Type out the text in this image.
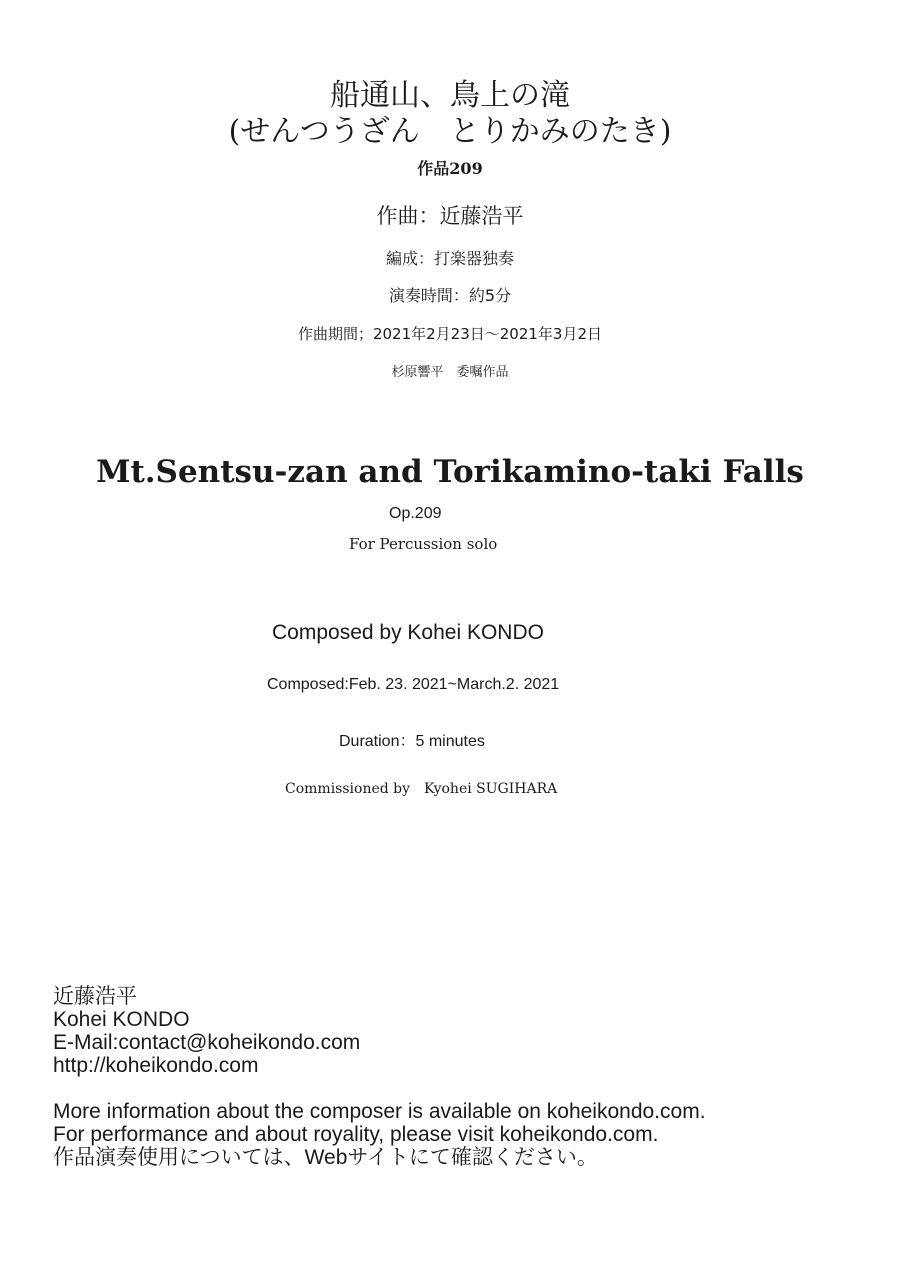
船通山、鳥上の滝
(せんつうざん　とりかみのたき)
作品209
作曲：近藤浩平
編成：打楽器独奏
演奏時間：約5分
作曲期間；2021年2月23日〜2021年3月2日
杉原響平　委嘱作品
Mt.Sentsu-zan and Torikamino-taki Falls
Op.209
For Percussion solo
Composed by Kohei KONDO
Composed:Feb. 23. 2021~March.2. 2021
Duration：5 minutes
Commissioned by　Kyohei SUGIHARA
近藤浩平
Kohei KONDO
E-Mail:contact@koheikondo.com
http://koheikondo.com
More information about the composer is available on koheikondo.com.
For performance and about royality, please visit koheikondo.com.
作品演奏使用については、Webサイトにて確認ください。
